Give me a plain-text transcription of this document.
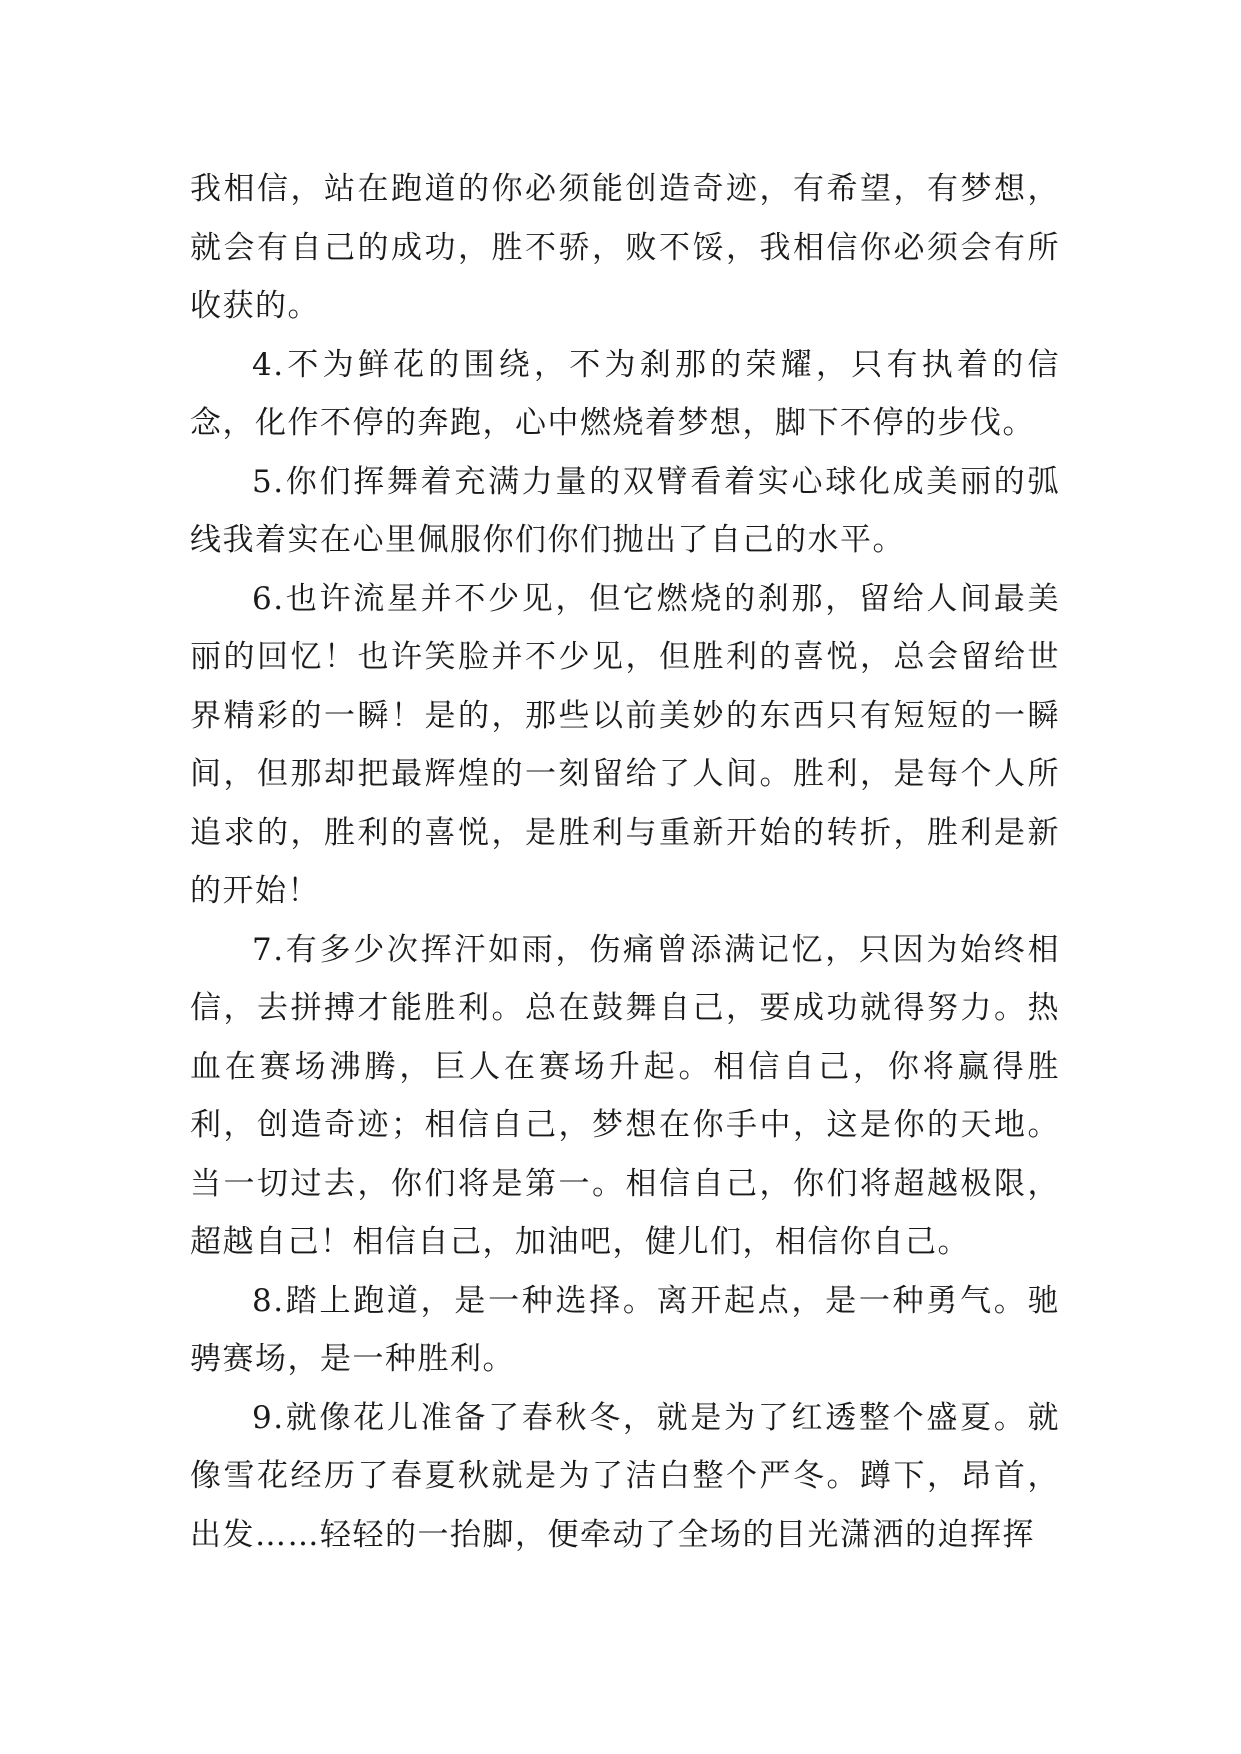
我相信，站在跑道的你必须能创造奇迹，有希望，有梦想，就会有自己的成功，胜不骄，败不馁，我相信你必须会有所收获的。

4.不为鲜花的围绕，不为刹那的荣耀，只有执着的信念，化作不停的奔跑，心中燃烧着梦想，脚下不停的步伐。

5.你们挥舞着充满力量的双臂看着实心球化成美丽的弧线我着实在心里佩服你们你们抛出了自己的水平。

6.也许流星并不少见，但它燃烧的刹那，留给人间最美丽的回忆！也许笑脸并不少见，但胜利的喜悦，总会留给世界精彩的一瞬！是的，那些以前美妙的东西只有短短的一瞬间，但那却把最辉煌的一刻留给了人间。胜利，是每个人所追求的，胜利的喜悦，是胜利与重新开始的转折，胜利是新的开始！

7.有多少次挥汗如雨，伤痛曾添满记忆，只因为始终相信，去拼搏才能胜利。总在鼓舞自己，要成功就得努力。热血在赛场沸腾，巨人在赛场升起。相信自己，你将赢得胜利，创造奇迹；相信自己，梦想在你手中，这是你的天地。当一切过去，你们将是第一。相信自己，你们将超越极限，超越自己！相信自己，加油吧，健儿们，相信你自己。

8.踏上跑道，是一种选择。离开起点，是一种勇气。驰骋赛场，是一种胜利。

9.就像花儿准备了春秋冬，就是为了红透整个盛夏。就像雪花经历了春夏秋就是为了洁白整个严冬。蹲下，昂首，出发……轻轻的一抬脚，便牵动了全场的目光潇洒的迫挥挥
